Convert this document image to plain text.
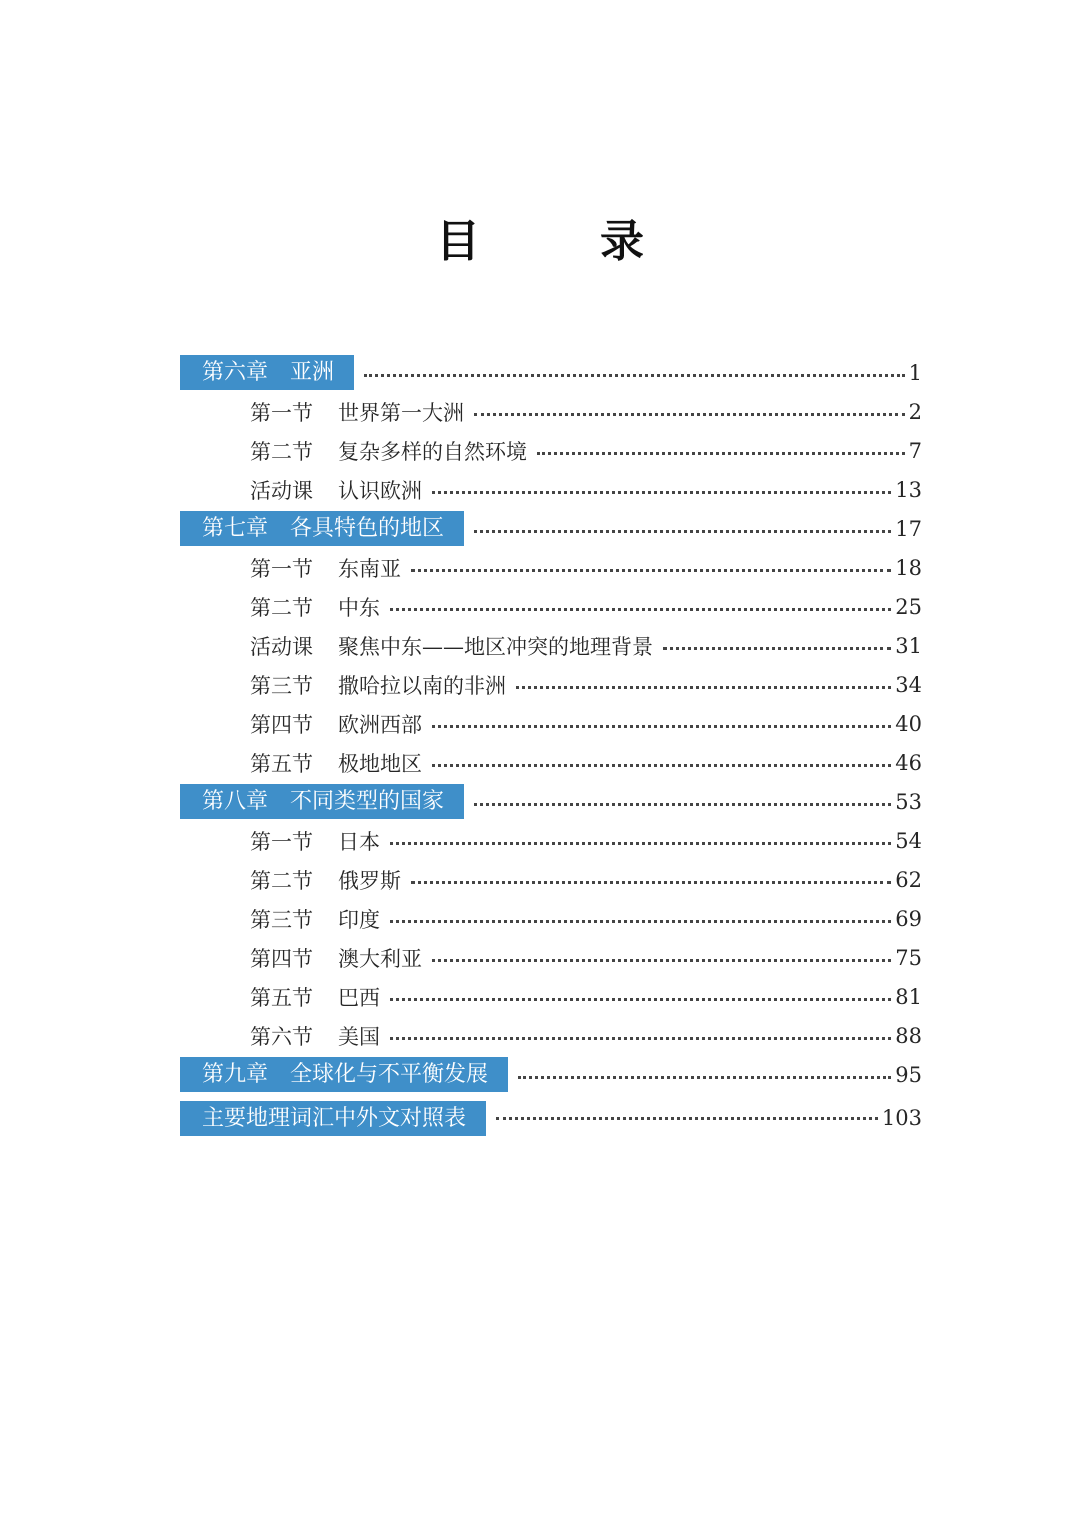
目　录
第六章　亚洲	1
第一节	世界第一大洲	2
第二节	复杂多样的自然环境	7
活动课	认识欧洲	13
第七章　各具特色的地区	17
第一节	东南亚	18
第二节	中东	25
活动课	聚焦中东——地区冲突的地理背景	31
第三节	撒哈拉以南的非洲	34
第四节	欧洲西部	40
第五节	极地地区	46
第八章　不同类型的国家	53
第一节	日本	54
第二节	俄罗斯	62
第三节	印度	69
第四节	澳大利亚	75
第五节	巴西	81
第六节	美国	88
第九章　全球化与不平衡发展	95
主要地理词汇中外文对照表	103
